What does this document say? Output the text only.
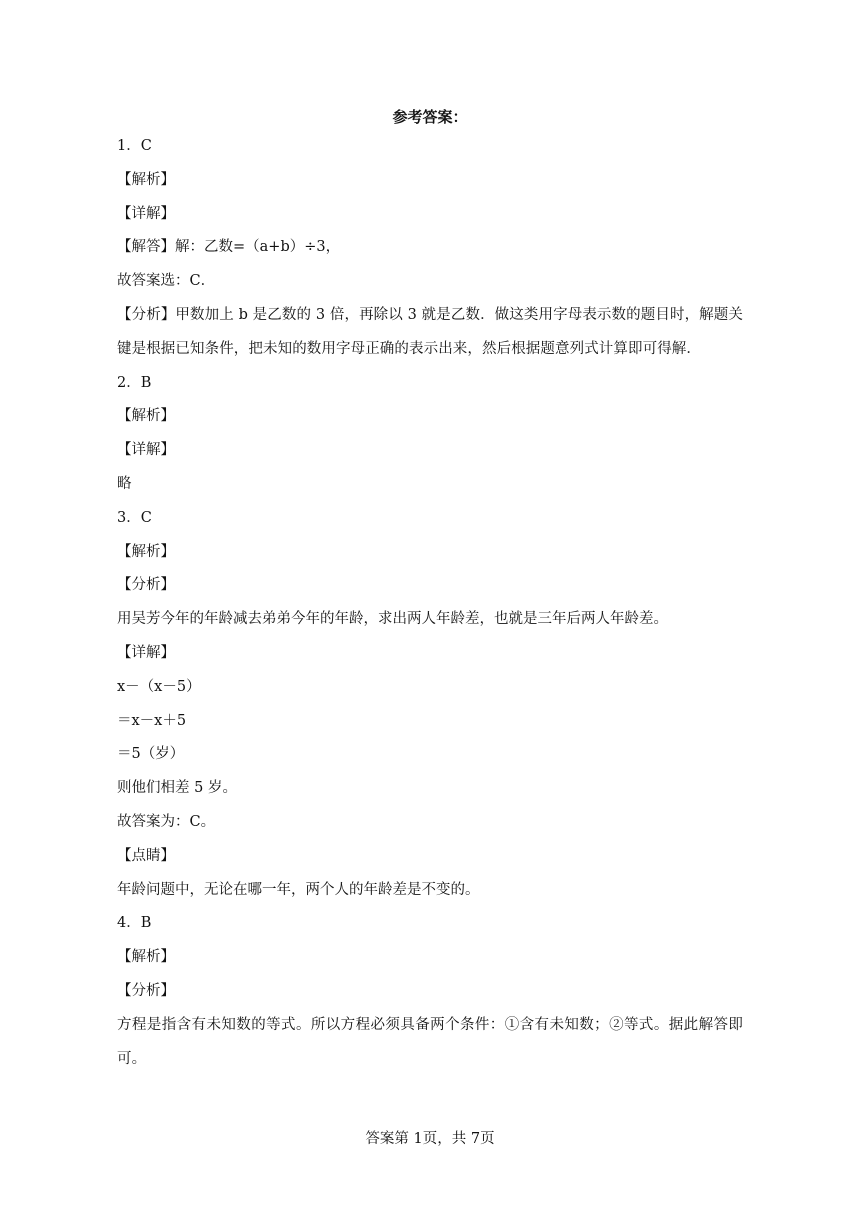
参考答案：
1．C
【解析】
【详解】
【解答】解：乙数=（a+b）÷3，
故答案选：C．
【分析】甲数加上 b 是乙数的 3 倍，再除以 3 就是乙数．做这类用字母表示数的题目时，解题关键是根据已知条件，把未知的数用字母正确的表示出来，然后根据题意列式计算即可得解．
2．B
【解析】
【详解】
略
3．C
【解析】
【分析】
用吴芳今年的年龄减去弟弟今年的年龄，求出两人年龄差，也就是三年后两人年龄差。
【详解】
x－（x－5）
＝x－x＋5
＝5（岁）
则他们相差 5 岁。
故答案为：C。
【点睛】
年龄问题中，无论在哪一年，两个人的年龄差是不变的。
4．B
【解析】
【分析】
方程是指含有未知数的等式。所以方程必须具备两个条件：①含有未知数；②等式。据此解答即可。
答案第 1页，共 7页
